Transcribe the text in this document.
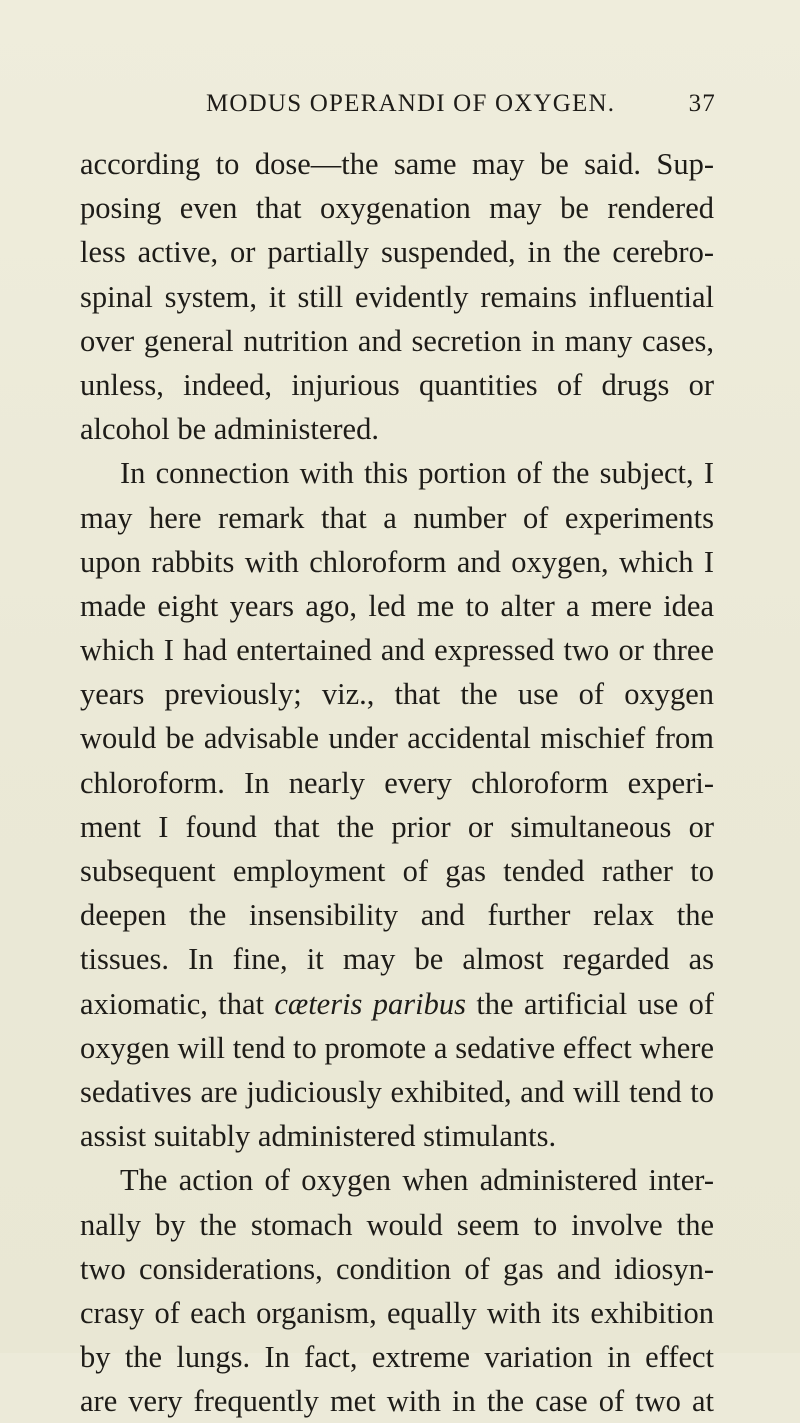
MODUS OPERANDI OF OXYGEN.	37
according to dose—the same may be said. Sup-
posing even that oxygenation may be rendered
less active, or partially suspended, in the cerebro-
spinal system, it still evidently remains influential
over general nutrition and secretion in many cases,
unless, indeed, injurious quantities of drugs or
alcohol be administered.
In connection with this portion of the subject, I
may here remark that a number of experiments
upon rabbits with chloroform and oxygen, which I
made eight years ago, led me to alter a mere idea
which I had entertained and expressed two or three
years previously; viz., that the use of oxygen
would be advisable under accidental mischief from
chloroform. In nearly every chloroform experi-
ment I found that the prior or simultaneous or
subsequent employment of gas tended rather to
deepen the insensibility and further relax the
tissues. In fine, it may be almost regarded as
axiomatic, that cæteris paribus the artificial use of
oxygen will tend to promote a sedative effect where
sedatives are judiciously exhibited, and will tend to
assist suitably administered stimulants.
The action of oxygen when administered inter-
nally by the stomach would seem to involve the
two considerations, condition of gas and idiosyn-
crasy of each organism, equally with its exhibition
by the lungs. In fact, extreme variation in effect
are very frequently met with in the case of two at
